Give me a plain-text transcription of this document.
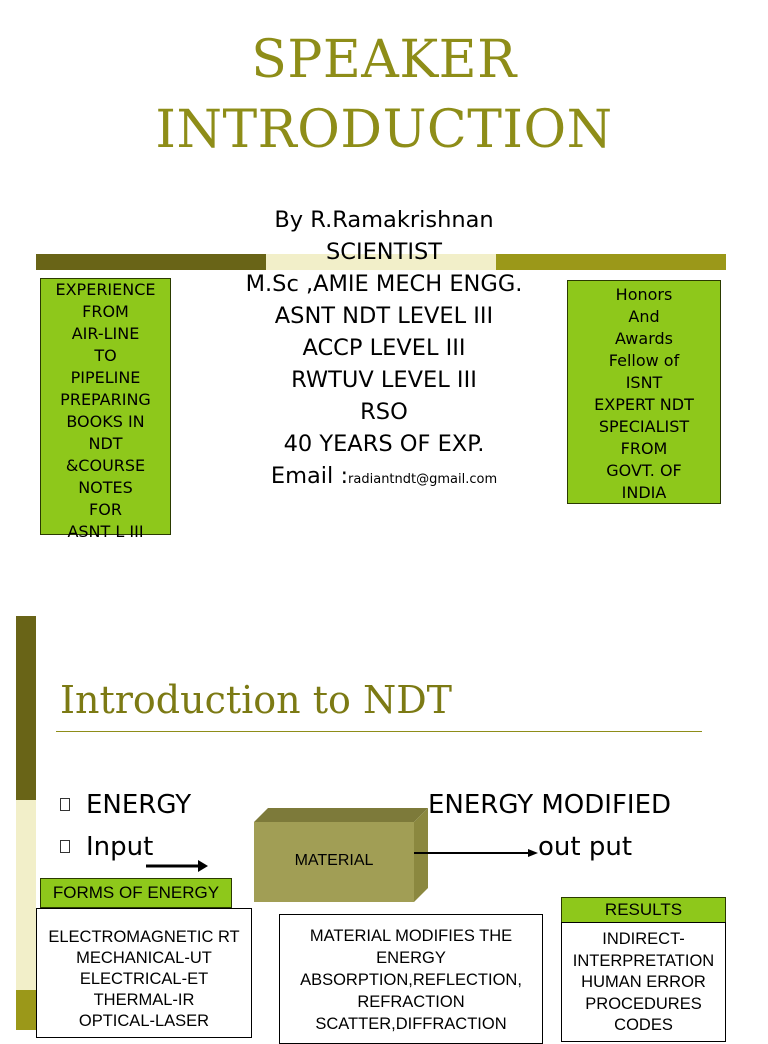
SPEAKER
INTRODUCTION
By R.Ramakrishnan
SCIENTIST
M.Sc ,AMIE MECH ENGG.
ASNT NDT LEVEL III
ACCP LEVEL III
RWTUV LEVEL III
RSO
40 YEARS OF EXP.
Email :radiantndt@gmail.com
EXPERIENCE
FROM
AIR-LINE
TO
PIPELINE
PREPARING
BOOKS IN
NDT
&COURSE
NOTES
FOR
ASNT L III
Honors
And
Awards
Fellow of
ISNT
EXPERT NDT
SPECIALIST
FROM
GOVT. OF
INDIA
Introduction to NDT
ENERGY
Input
ENERGY MODIFIED
out put
MATERIAL
FORMS OF ENERGY
ELECTROMAGNETIC RT
MECHANICAL-UT
ELECTRICAL-ET
THERMAL-IR
OPTICAL-LASER
MATERIAL MODIFIES THE
ENERGY
ABSORPTION,REFLECTION,
REFRACTION
SCATTER,DIFFRACTION
RESULTS
INDIRECT-
INTERPRETATION
HUMAN ERROR
PROCEDURES
CODES
